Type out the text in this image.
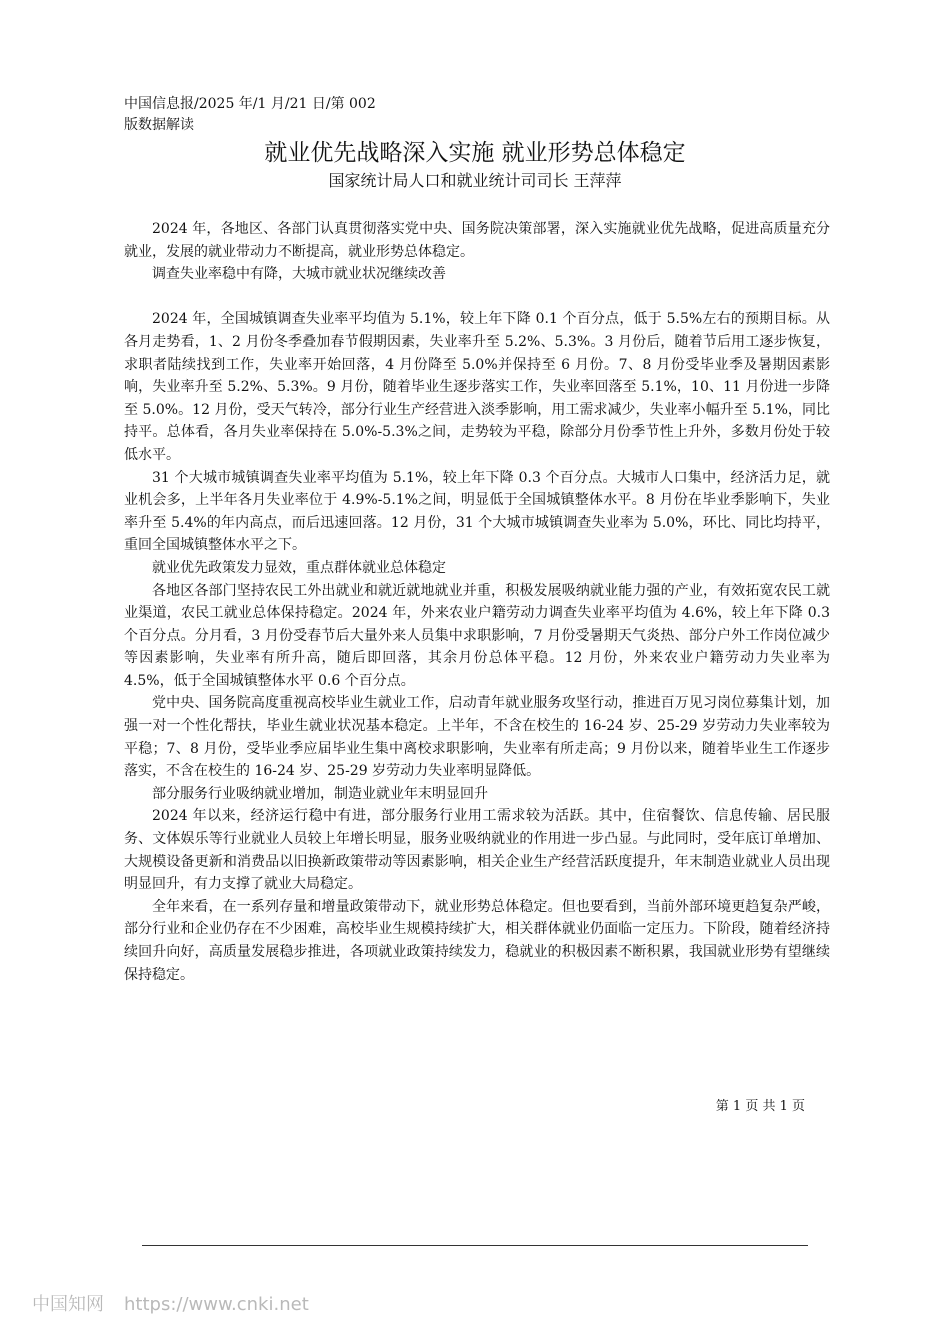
中国信息报/2025 年/1 月/21 日/第 002
版数据解读
就业优先战略深入实施 就业形势总体稳定
国家统计局人口和就业统计司司长 王萍萍

2024 年，各地区、各部门认真贯彻落实党中央、国务院决策部署，深入实施就业优先战略，促进高质量充分就业，发展的就业带动力不断提高，就业形势总体稳定。

调查失业率稳中有降，大城市就业状况继续改善

2024 年，全国城镇调查失业率平均值为 5.1%，较上年下降 0.1 个百分点，低于 5.5%左右的预期目标。从各月走势看，1、2 月份冬季叠加春节假期因素，失业率升至 5.2%、5.3%。3 月份后，随着节后用工逐步恢复，求职者陆续找到工作，失业率开始回落，4 月份降至 5.0%并保持至 6 月份。7、8 月份受毕业季及暑期因素影响，失业率升至 5.2%、5.3%。9 月份，随着毕业生逐步落实工作，失业率回落至 5.1%，10、11 月份进一步降至 5.0%。12 月份，受天气转冷，部分行业生产经营进入淡季影响，用工需求减少，失业率小幅升至 5.1%，同比持平。总体看，各月失业率保持在 5.0%-5.3%之间，走势较为平稳，除部分月份季节性上升外，多数月份处于较低水平。

31 个大城市城镇调查失业率平均值为 5.1%，较上年下降 0.3 个百分点。大城市人口集中，经济活力足，就业机会多，上半年各月失业率位于 4.9%-5.1%之间，明显低于全国城镇整体水平。8 月份在毕业季影响下，失业率升至 5.4%的年内高点，而后迅速回落。12 月份，31 个大城市城镇调查失业率为 5.0%，环比、同比均持平，重回全国城镇整体水平之下。

就业优先政策发力显效，重点群体就业总体稳定

各地区各部门坚持农民工外出就业和就近就地就业并重，积极发展吸纳就业能力强的产业，有效拓宽农民工就业渠道，农民工就业总体保持稳定。2024 年，外来农业户籍劳动力调查失业率平均值为 4.6%，较上年下降 0.3 个百分点。分月看，3 月份受春节后大量外来人员集中求职影响，7 月份受暑期天气炎热、部分户外工作岗位减少等因素影响，失业率有所升高，随后即回落，其余月份总体平稳。12 月份，外来农业户籍劳动力失业率为 4.5%，低于全国城镇整体水平 0.6 个百分点。

党中央、国务院高度重视高校毕业生就业工作，启动青年就业服务攻坚行动，推进百万见习岗位募集计划，加强一对一个性化帮扶，毕业生就业状况基本稳定。上半年，不含在校生的 16-24 岁、25-29 岁劳动力失业率较为平稳；7、8 月份，受毕业季应届毕业生集中离校求职影响，失业率有所走高；9 月份以来，随着毕业生工作逐步落实，不含在校生的 16-24 岁、25-29 岁劳动力失业率明显降低。

部分服务行业吸纳就业增加，制造业就业年末明显回升

2024 年以来，经济运行稳中有进，部分服务行业用工需求较为活跃。其中，住宿餐饮、信息传输、居民服务、文体娱乐等行业就业人员较上年增长明显，服务业吸纳就业的作用进一步凸显。与此同时，受年底订单增加、大规模设备更新和消费品以旧换新政策带动等因素影响，相关企业生产经营活跃度提升，年末制造业就业人员出现明显回升，有力支撑了就业大局稳定。

全年来看，在一系列存量和增量政策带动下，就业形势总体稳定。但也要看到，当前外部环境更趋复杂严峻，部分行业和企业仍存在不少困难，高校毕业生规模持续扩大，相关群体就业仍面临一定压力。下阶段，随着经济持续回升向好，高质量发展稳步推进，各项就业政策持续发力，稳就业的积极因素不断积累，我国就业形势有望继续保持稳定。

第 1 页 共 1 页
中国知网 https://www.cnki.net
